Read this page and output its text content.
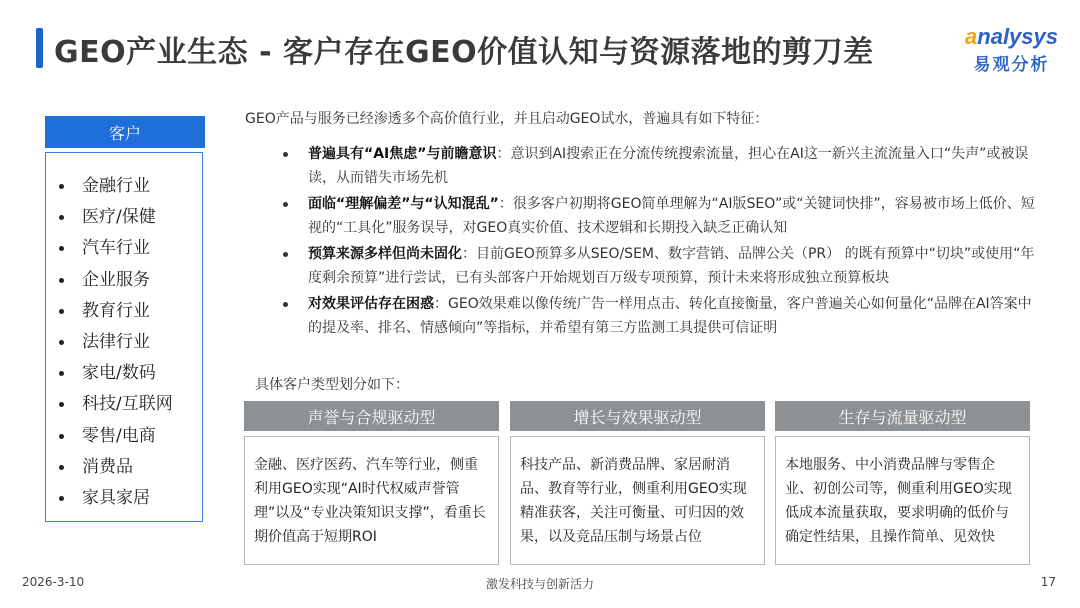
GEO产业生态 - 客户存在GEO价值认知与资源落地的剪刀差	analysys
易观分析
客户
金融行业
医疗/保健
汽车行业
企业服务
教育行业
法律行业
家电/数码
科技/互联网
零售/电商
消费品
家具家居
GEO产品与服务已经渗透多个高价值行业，并且启动GEO试水，普遍具有如下特征：
普遍具有“AI焦虑”与前瞻意识：意识到AI搜索正在分流传统搜索流量，担心在AI这一新兴主流流量入口“失声”或被误读，从而错失市场先机
面临“理解偏差”与“认知混乱”：很多客户初期将GEO简单理解为“AI版SEO”或“关键词快排”，容易被市场上低价、短视的“工具化”服务误导，对GEO真实价值、技术逻辑和长期投入缺乏正确认知
预算来源多样但尚未固化：目前GEO预算多从SEO/SEM、数字营销、品牌公关（PR） 的既有预算中“切块”或使用“年度剩余预算”进行尝试，已有头部客户开始规划百万级专项预算，预计未来将形成独立预算板块
对效果评估存在困惑：GEO效果难以像传统广告一样用点击、转化直接衡量，客户普遍关心如何量化“品牌在AI答案中的提及率、排名、情感倾向”等指标，并希望有第三方监测工具提供可信证明
具体客户类型划分如下：
声誉与合规驱动型
金融、医疗医药、汽车等行业，侧重利用GEO实现“AI时代权威声誉管理”以及“专业决策知识支撑”，看重长期价值高于短期ROI
增长与效果驱动型
科技产品、新消费品牌、家居耐消品、教育等行业，侧重利用GEO实现精准获客，关注可衡量、可归因的效果，以及竞品压制与场景占位
生存与流量驱动型
本地服务、中小消费品牌与零售企业、初创公司等，侧重利用GEO实现低成本流量获取，要求明确的低价与确定性结果，且操作简单、见效快
2026-3-10	激发科技与创新活力	17
